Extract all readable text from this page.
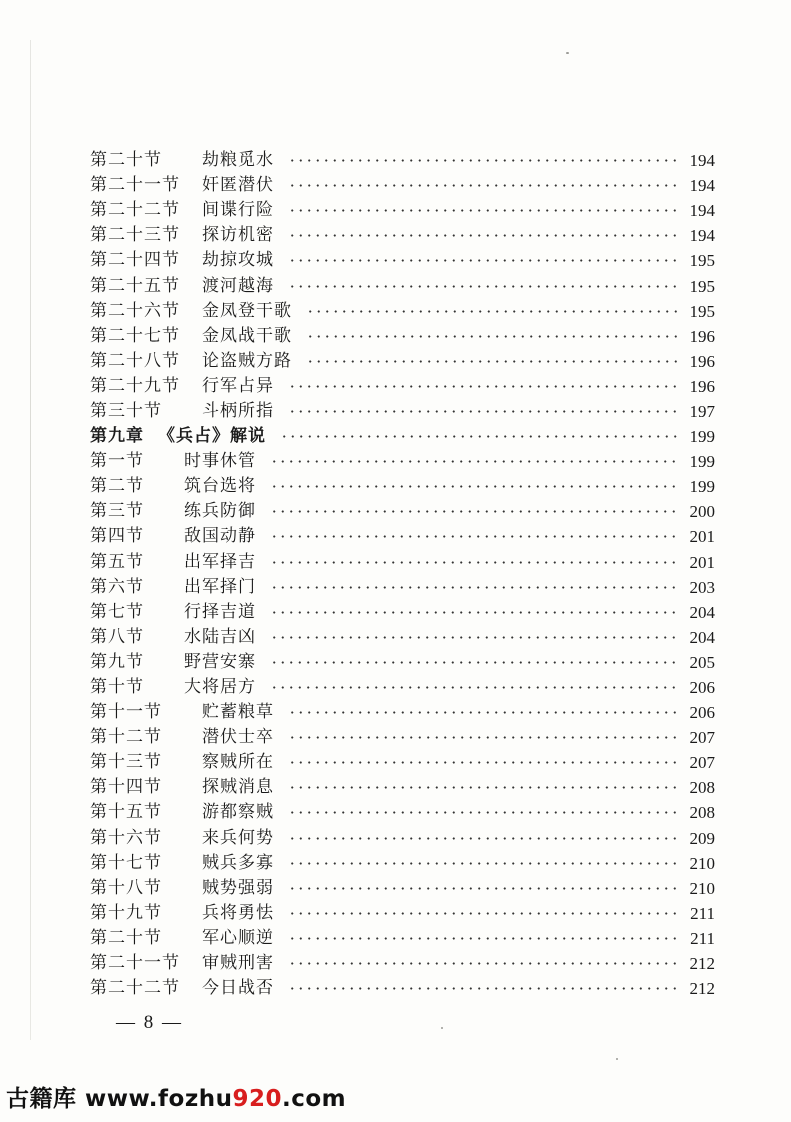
第二十节 劫粮觅水	194
第二十一节 奸匿潜伏	194
第二十二节 间谍行险	194
第二十三节 探访机密	194
第二十四节 劫掠攻城	195
第二十五节 渡河越海	195
第二十六节 金凤登干歌	195
第二十七节 金凤战干歌	196
第二十八节 论盗贼方路	196
第二十九节 行军占异	196
第三十节 斗柄所指	197
第九章 《兵占》解说	199
第一节 时事休管	199
第二节 筑台选将	199
第三节 练兵防御	200
第四节 敌国动静	201
第五节 出军择吉	201
第六节 出军择门	203
第七节 行择吉道	204
第八节 水陆吉凶	204
第九节 野营安寨	205
第十节 大将居方	206
第十一节 贮蓄粮草	206
第十二节 潜伏士卒	207
第十三节 察贼所在	207
第十四节 探贼消息	208
第十五节 游都察贼	208
第十六节 来兵何势	209
第十七节 贼兵多寡	210
第十八节 贼势强弱	210
第十九节 兵将勇怯	211
第二十节 军心顺逆	211
第二十一节 审贼刑害	212
第二十二节 今日战否	212
— 8 —
古籍库 www.fozhu920.com
